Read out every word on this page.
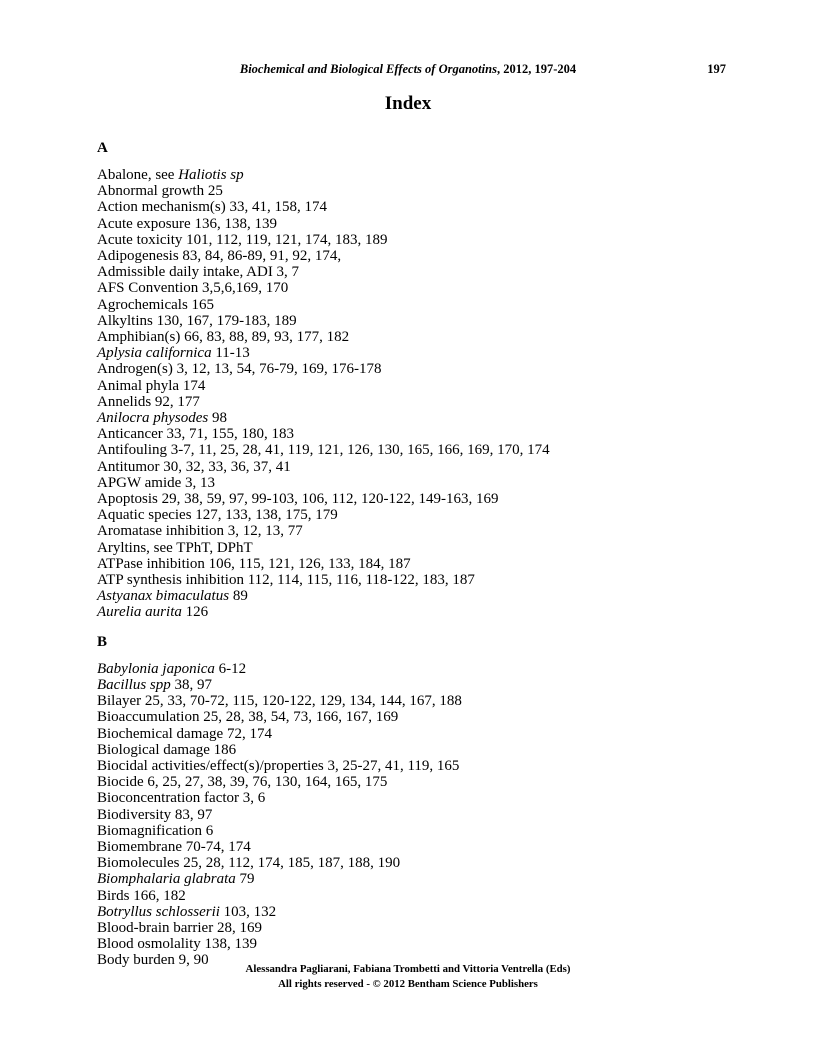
Biochemical and Biological Effects of Organotins, 2012, 197-204	197
Index
A
Abalone, see Haliotis sp
Abnormal growth 25
Action mechanism(s) 33, 41, 158, 174
Acute exposure 136, 138, 139
Acute toxicity 101, 112, 119, 121, 174, 183, 189
Adipogenesis 83, 84, 86-89, 91, 92, 174,
Admissible daily intake, ADI 3, 7
AFS Convention 3,5,6,169, 170
Agrochemicals 165
Alkyltins 130, 167, 179-183, 189
Amphibian(s) 66, 83, 88, 89, 93, 177, 182
Aplysia californica 11-13
Androgen(s) 3, 12, 13, 54, 76-79, 169, 176-178
Animal phyla 174
Annelids 92, 177
Anilocra physodes 98
Anticancer 33, 71, 155, 180, 183
Antifouling 3-7, 11, 25, 28, 41, 119, 121, 126, 130, 165, 166, 169, 170, 174
Antitumor 30, 32, 33, 36, 37, 41
APGW amide 3, 13
Apoptosis 29, 38, 59, 97, 99-103, 106, 112, 120-122, 149-163, 169
Aquatic species 127, 133, 138, 175, 179
Aromatase inhibition 3, 12, 13, 77
Aryltins, see TPhT, DPhT
ATPase inhibition 106, 115, 121, 126, 133, 184, 187
ATP synthesis inhibition 112, 114, 115, 116, 118-122, 183, 187
Astyanax bimaculatus 89
Aurelia aurita 126
B
Babylonia japonica 6-12
Bacillus spp 38, 97
Bilayer 25, 33, 70-72, 115, 120-122, 129, 134, 144, 167, 188
Bioaccumulation 25, 28, 38, 54, 73, 166, 167, 169
Biochemical damage 72, 174
Biological damage 186
Biocidal activities/effect(s)/properties 3, 25-27, 41, 119, 165
Biocide 6, 25, 27, 38, 39, 76, 130, 164, 165, 175
Bioconcentration factor 3, 6
Biodiversity 83, 97
Biomagnification 6
Biomembrane 70-74, 174
Biomolecules 25, 28, 112, 174, 185, 187, 188, 190
Biomphalaria glabrata 79
Birds 166, 182
Botryllus schlosserii 103, 132
Blood-brain barrier 28, 169
Blood osmolality 138, 139
Body burden 9, 90
Alessandra Pagliarani, Fabiana Trombetti and Vittoria Ventrella (Eds)
All rights reserved - © 2012 Bentham Science Publishers
